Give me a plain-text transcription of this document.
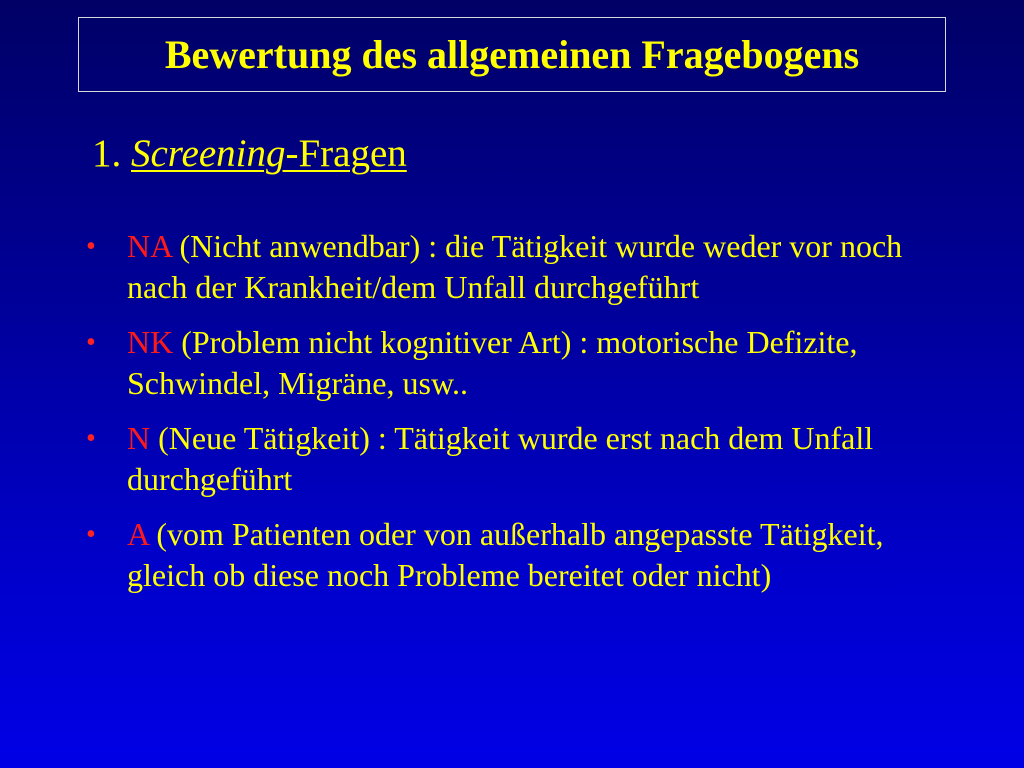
Bewertung des allgemeinen Fragebogens
1. Screening-Fragen
• NA (Nicht anwendbar) : die Tätigkeit wurde weder vor noch nach der Krankheit/dem Unfall durchgeführt
• NK (Problem nicht kognitiver Art) : motorische Defizite, Schwindel, Migräne, usw..
• N (Neue Tätigkeit) : Tätigkeit wurde erst nach dem Unfall durchgeführt
• A (vom Patienten oder von außerhalb angepasste Tätigkeit, gleich ob diese noch Probleme bereitet oder nicht)
